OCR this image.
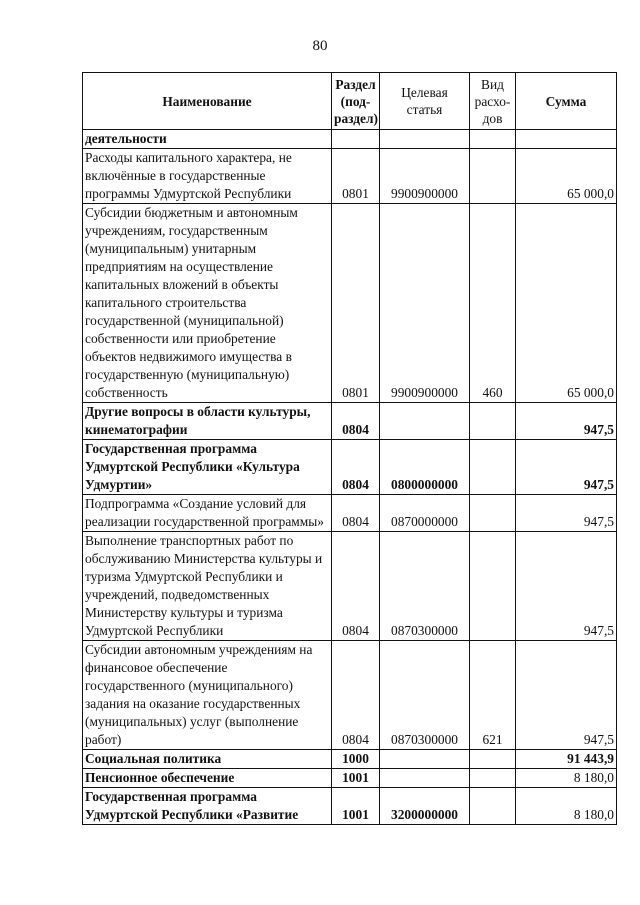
80
Наименование	Раздел (под-раздел)	Целевая статья	Вид расхо-дов	Сумма
деятельности				
Расходы капитального характера, не включённые в государственные программы Удмуртской Республики	0801	9900900000		65 000,0
Субсидии бюджетным и автономным учреждениям, государственным (муниципальным) унитарным предприятиям на осуществление капитальных вложений в объекты капитального строительства государственной (муниципальной) собственности или приобретение объектов недвижимого имущества в государственную (муниципальную) собственность	0801	9900900000	460	65 000,0
Другие вопросы в области культуры, кинематографии	0804			947,5
Государственная программа Удмуртской Республики «Культура Удмуртии»	0804	0800000000		947,5
Подпрограмма «Создание условий для реализации государственной программы»	0804	0870000000		947,5
Выполнение транспортных работ по обслуживанию Министерства культуры и туризма Удмуртской Республики и учреждений, подведомственных Министерству культуры и туризма Удмуртской Республики	0804	0870300000		947,5
Субсидии автономным учреждениям на финансовое обеспечение государственного (муниципального) задания на оказание государственных (муниципальных) услуг (выполнение работ)	0804	0870300000	621	947,5
Социальная политика	1000			91 443,9
Пенсионное обеспечение	1001			8 180,0
Государственная программа Удмуртской Республики «Развитие	1001	3200000000		8 180,0
